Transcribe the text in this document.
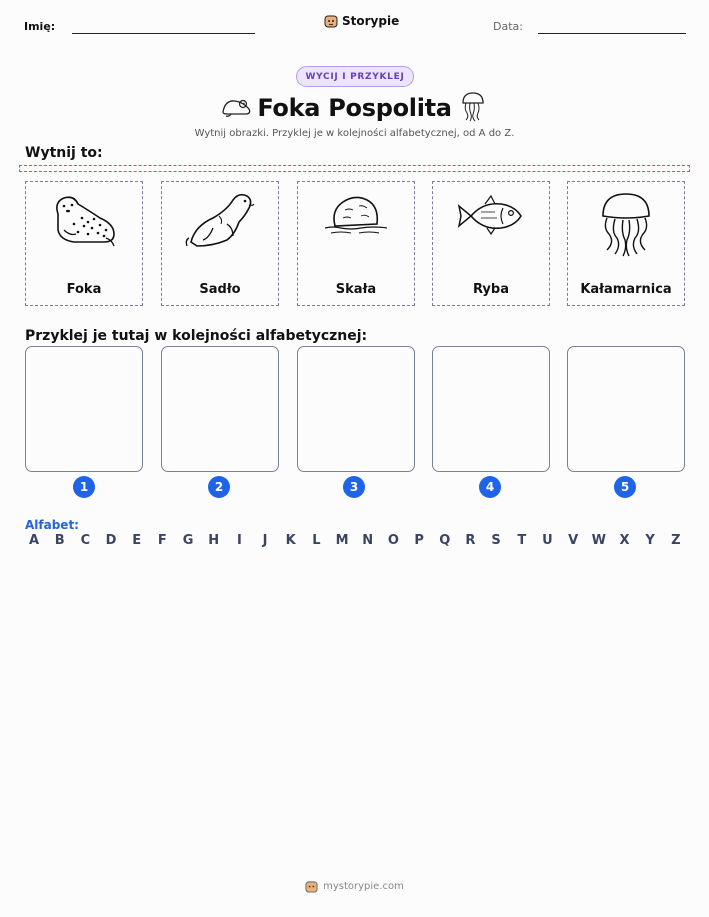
Imię:	Storypie	Data:
WYCIJ I PRZYKLEJ
Foka Pospolita
Wytnij obrazki. Przyklej je w kolejności alfabetycznej, od A do Z.
Wytnij to:
Foka	Sadło	Skała	Ryba	Kałamarnica
Przyklej je tutaj w kolejności alfabetycznej:
1	2	3	4	5
Alfabet:
A B C D E F G H	I	J	K L M N O P Q R S T U V W X Y Z
mystorypie.com
